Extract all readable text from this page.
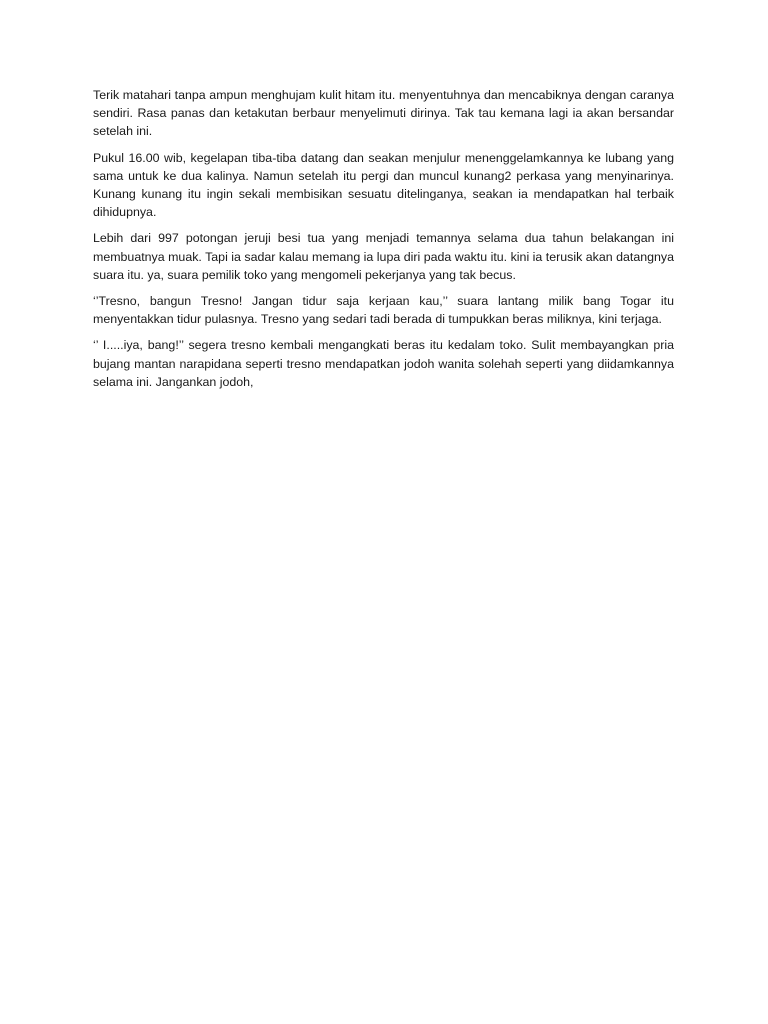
Terik matahari tanpa ampun menghujam kulit hitam itu. menyentuhnya dan mencabiknya dengan caranya sendiri. Rasa panas dan ketakutan berbaur menyelimuti dirinya. Tak tau kemana lagi ia akan bersandar setelah ini.

Pukul 16.00 wib, kegelapan tiba-tiba datang dan seakan menjulur menenggelamkannya ke lubang yang sama untuk ke dua kalinya. Namun setelah itu pergi dan muncul kunang2 perkasa yang menyinarinya. Kunang kunang itu ingin sekali membisikan sesuatu ditelinganya, seakan ia mendapatkan hal terbaik dihidupnya.

Lebih dari 997 potongan jeruji besi tua yang menjadi temannya selama dua tahun belakangan ini membuatnya muak. Tapi ia sadar kalau memang ia lupa diri pada waktu itu. kini ia terusik akan datangnya suara itu. ya, suara pemilik toko yang mengomeli pekerjanya yang tak becus.

‘’Tresno, bangun Tresno! Jangan tidur saja kerjaan kau,’’ suara lantang milik bang Togar itu menyentakkan tidur pulasnya. Tresno yang sedari tadi berada di tumpukkan beras miliknya, kini terjaga.

‘’ I.....iya, bang!’’ segera tresno kembali mengangkati beras itu kedalam toko. Sulit membayangkan pria bujang mantan narapidana seperti tresno mendapatkan jodoh wanita solehah seperti yang diidamkannya selama ini. Jangankan jodoh,
